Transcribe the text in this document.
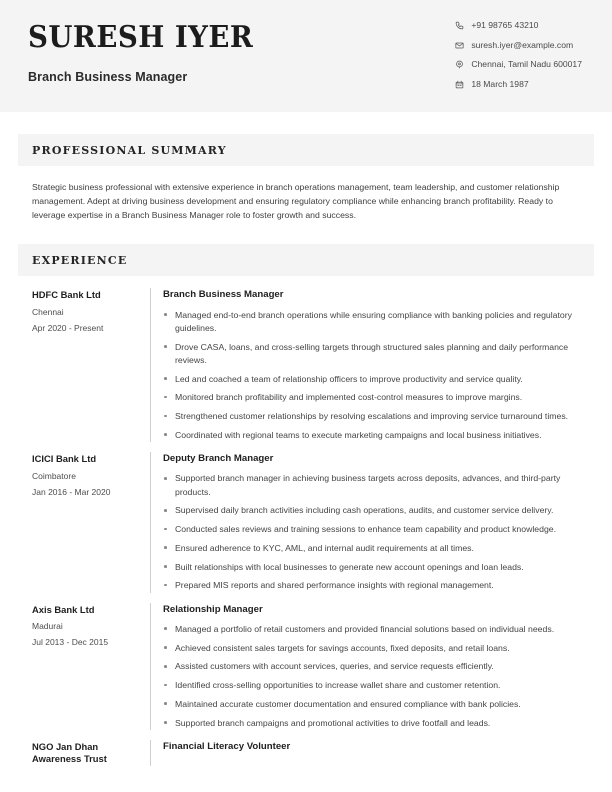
SURESH IYER
Branch Business Manager
+91 98765 43210
suresh.iyer@example.com
Chennai, Tamil Nadu 600017
18 March 1987
PROFESSIONAL SUMMARY
Strategic business professional with extensive experience in branch operations management, team leadership, and customer relationship management. Adept at driving business development and ensuring regulatory compliance while enhancing branch profitability. Ready to leverage expertise in a Branch Business Manager role to foster growth and success.
EXPERIENCE
HDFC Bank Ltd
Chennai
Apr 2020 - Present
Branch Business Manager
Managed end-to-end branch operations while ensuring compliance with banking policies and regulatory guidelines.
Drove CASA, loans, and cross-selling targets through structured sales planning and daily performance reviews.
Led and coached a team of relationship officers to improve productivity and service quality.
Monitored branch profitability and implemented cost-control measures to improve margins.
Strengthened customer relationships by resolving escalations and improving service turnaround times.
Coordinated with regional teams to execute marketing campaigns and local business initiatives.
ICICI Bank Ltd
Coimbatore
Jan 2016 - Mar 2020
Deputy Branch Manager
Supported branch manager in achieving business targets across deposits, advances, and third-party products.
Supervised daily branch activities including cash operations, audits, and customer service delivery.
Conducted sales reviews and training sessions to enhance team capability and product knowledge.
Ensured adherence to KYC, AML, and internal audit requirements at all times.
Built relationships with local businesses to generate new account openings and loan leads.
Prepared MIS reports and shared performance insights with regional management.
Axis Bank Ltd
Madurai
Jul 2013 - Dec 2015
Relationship Manager
Managed a portfolio of retail customers and provided financial solutions based on individual needs.
Achieved consistent sales targets for savings accounts, fixed deposits, and retail loans.
Assisted customers with account services, queries, and service requests efficiently.
Identified cross-selling opportunities to increase wallet share and customer retention.
Maintained accurate customer documentation and ensured compliance with bank policies.
Supported branch campaigns and promotional activities to drive footfall and leads.
NGO Jan Dhan Awareness Trust
Financial Literacy Volunteer
